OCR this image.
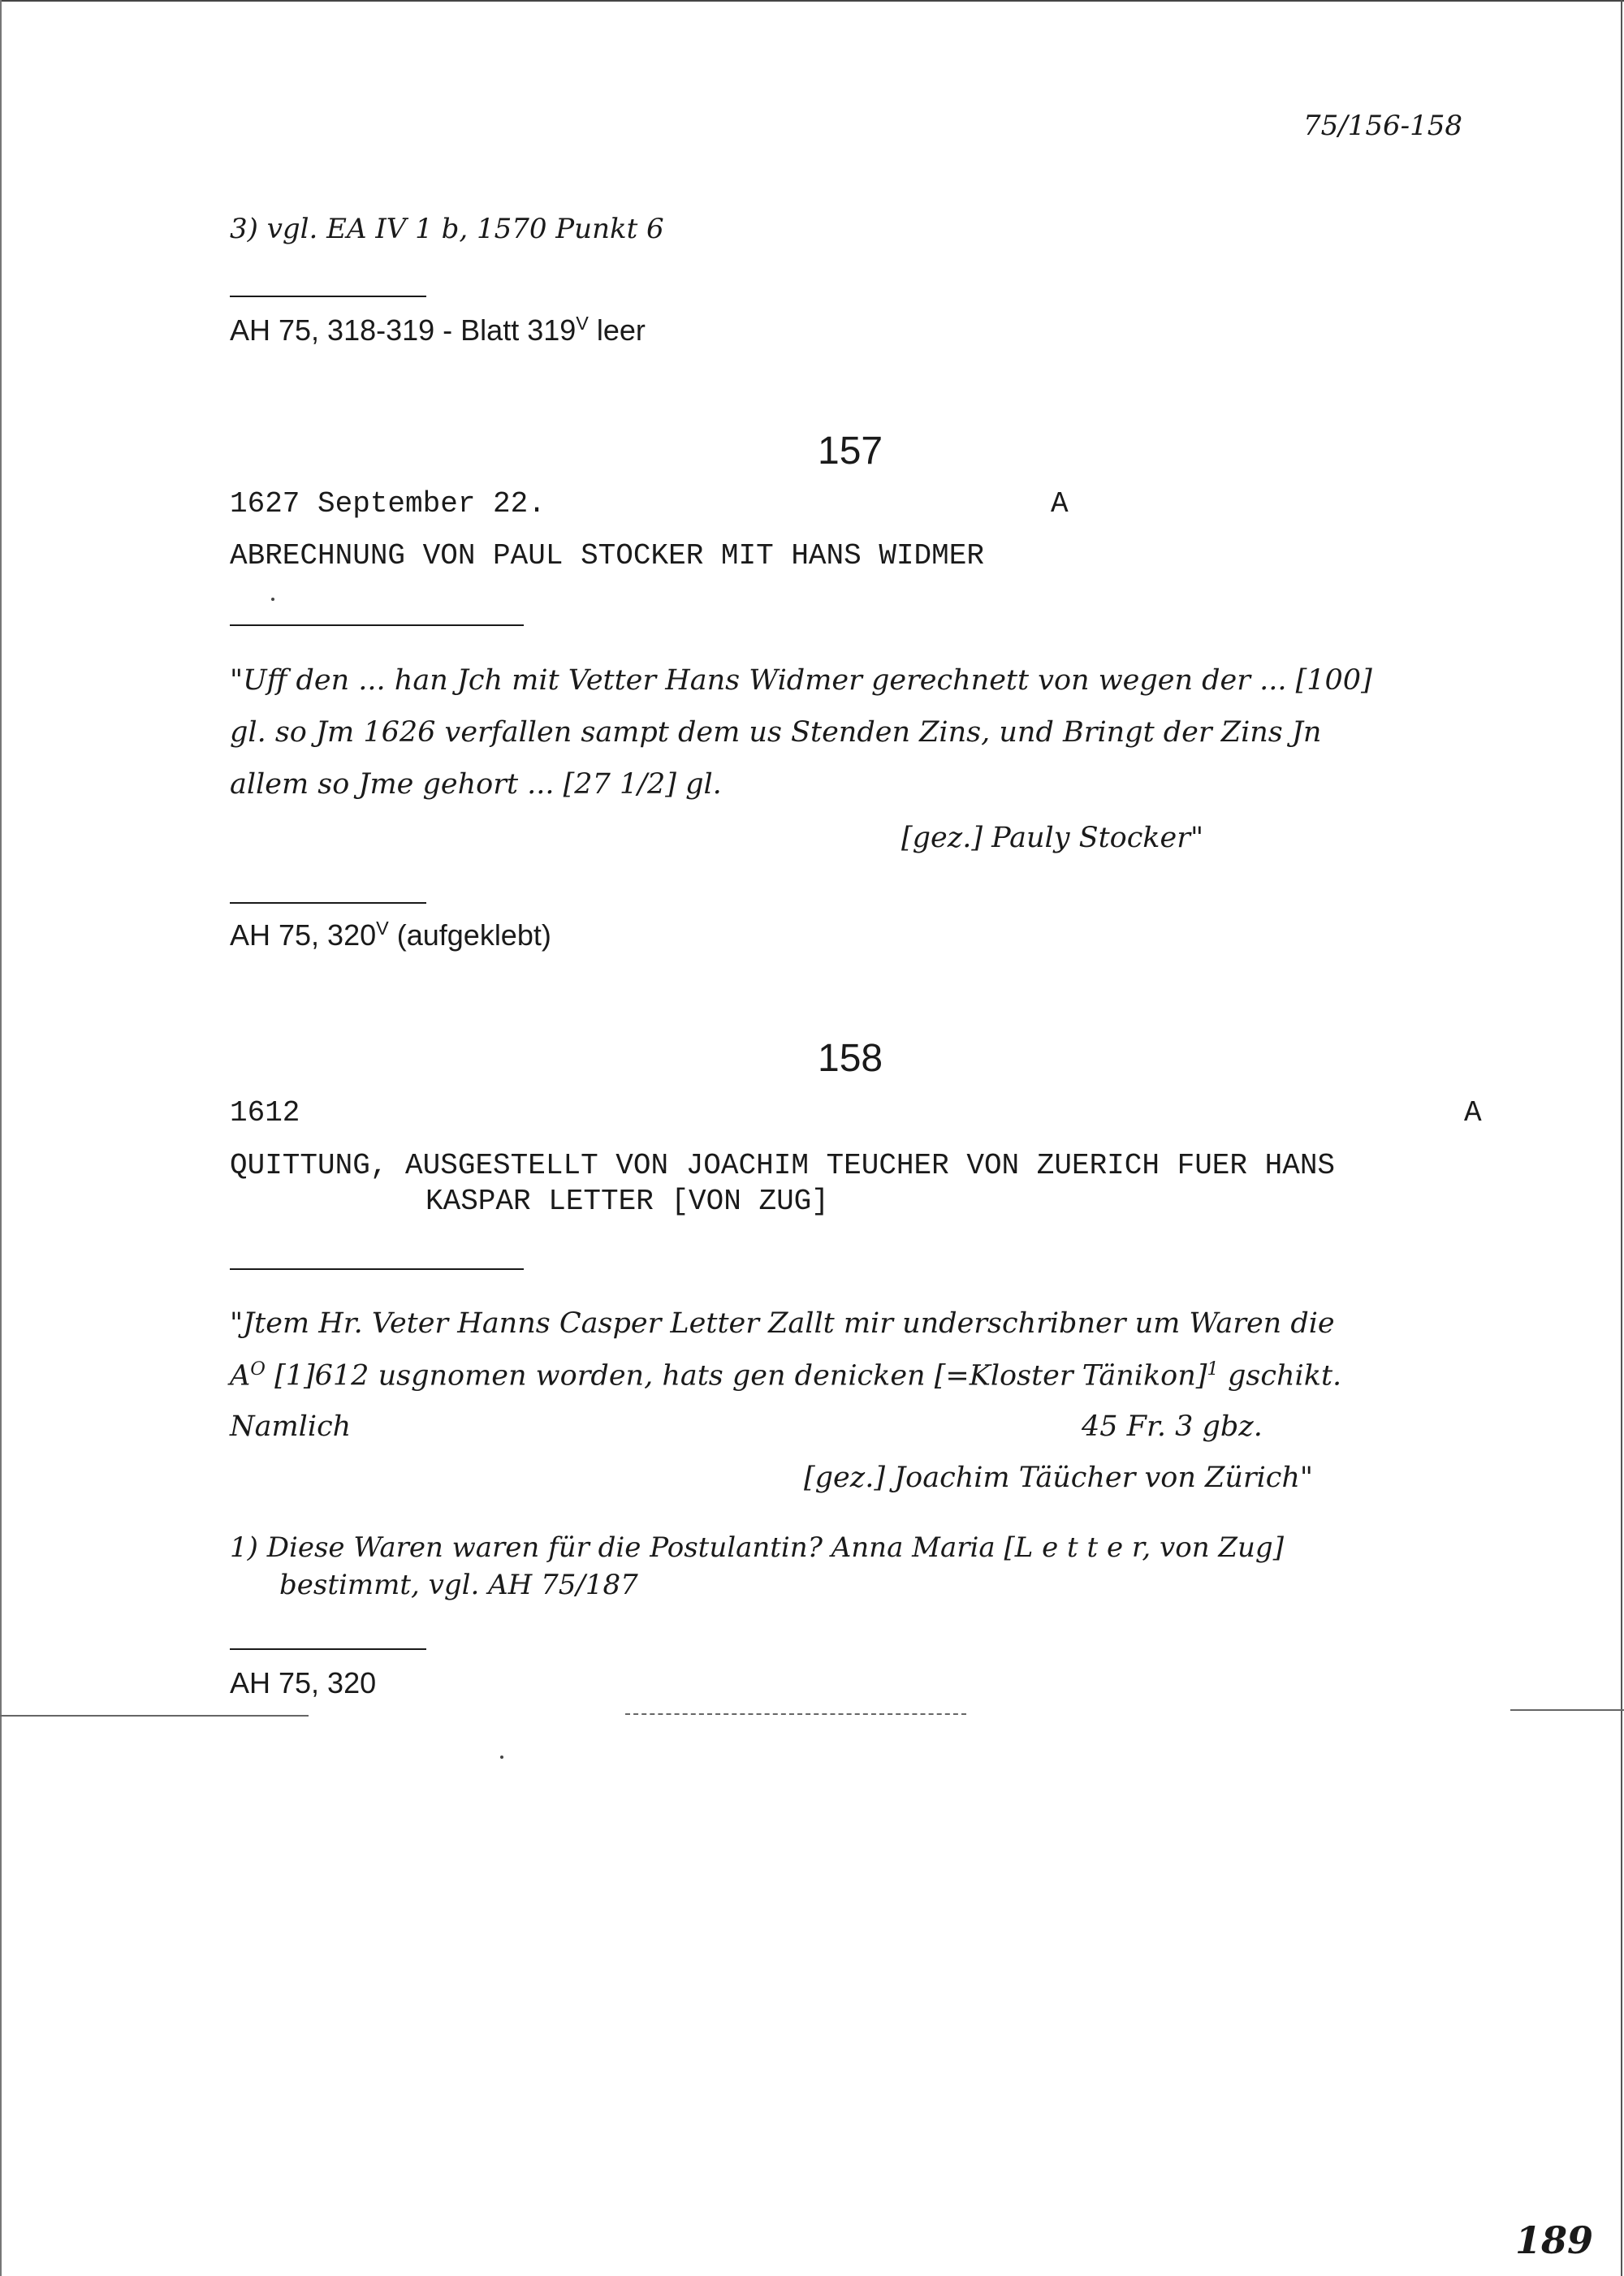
75/156-158
3) vgl. EA IV 1 b, 1570 Punkt 6
AH 75, 318-319 - Blatt $319^V$ leer
157
1627 September 22.	A
ABRECHNUNG VON PAUL STOCKER MIT HANS WIDMER
"Uff den ... han Jch mit Vetter Hans Widmer gerechnett von wegen der ... [100]
gl. so Jm 1626 verfallen sampt dem us Stenden Zins, und Bringt der Zins Jn
allem so Jme gehort ... [27 1/2] gl.
[gez.] Pauly Stocker"
AH 75, $320^V$ (aufgeklebt)
158
1612	A
QUITTUNG, AUSGESTELLT VON JOACHIM TEUCHER VON ZUERICH FUER HANS
KASPAR LETTER [VON ZUG]
"Jtem Hr. Veter Hanns Casper Letter Zallt mir underschribner um Waren die
$A^O$ [1]612 usgnomen worden, hats gen denicken [=Kloster Tänikon]$^1$ gschikt.
Namlich	45 Fr. 3 gbz.
[gez.] Joachim Täücher von Zürich"
1) Diese Waren waren für die Postulantin? Anna Maria [L e t t e r, von Zug]
bestimmt, vgl. AH 75/187
AH 75, 320
189
